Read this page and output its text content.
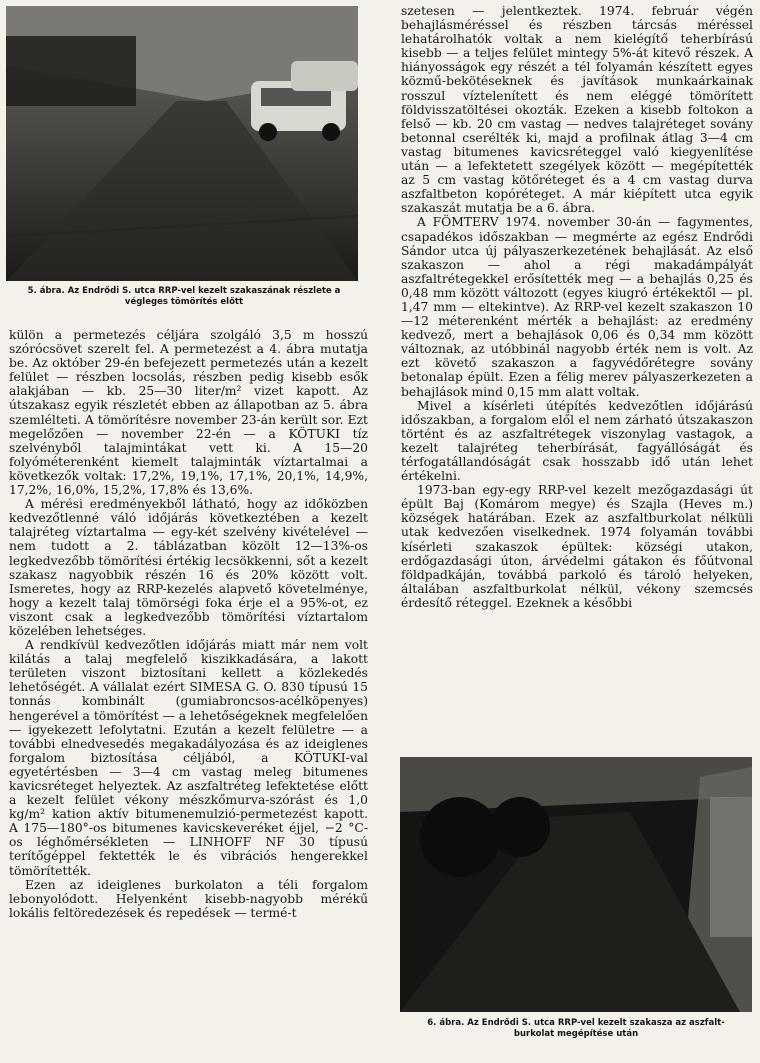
5. ábra. Az Endrődi S. utca RRP-vel kezelt szakaszának részlete a végleges tömörítés előtt

külön a permetezés céljára szolgáló 3,5 m hosszú szórócsövet szerelt fel. A permetezést a 4. ábra mutatja be. Az október 29-én befejezett permetezés után a kezelt felület — részben locsolás, részben pedig kisebb esők alakjában — kb. 25—30 liter/m² vizet kapott. Az útszakasz egyik részletét ebben az állapotban az 5. ábra szemlélteti. A tömörítésre november 23-án került sor. Ezt megelőzően — november 22-én — a KÖTUKI tíz szelvényből talajmintákat vett ki. A 15—20 folyóméterenként kiemelt talajminták víztartalmai a következők voltak: 17,2%, 19,1%, 17,1%, 20,1%, 14,9%, 17,2%, 16,0%, 15,2%, 17,8% és 13,6%.

A mérési eredményekből látható, hogy az időközben kedvezőtlenné váló időjárás következtében a kezelt talajréteg víztartalma — egy-két szelvény kivételével — nem tudott a 2. táblázatban közölt 12—13%-os legkedvezőbb tömörítési értékig lecsökkenni, sőt a kezelt szakasz nagyobbik részén 16 és 20% között volt. Ismeretes, hogy az RRP-kezelés alapvető követelménye, hogy a kezelt talaj tömörségi foka érje el a 95%-ot, ez viszont csak a legkedvezőbb tömörítési víztartalom közelében lehetséges.

A rendkívül kedvezőtlen időjárás miatt már nem volt kilátás a talaj megfelelő kiszikkadására, a lakott területen viszont biztosítani kellett a közlekedés lehetőségét. A vállalat ezért SIMESA G. O. 830 típusú 15 tonnás kombinált (gumiabroncsos-acélköpenyes) hengerével a tömörítést — a lehetőségeknek megfelelően — igyekezett lefolytatni. Ezután a kezelt felületre — a további elnedvesedés megakadályozása és az ideiglenes forgalom biztosítása céljából, a KÖTUKI-val egyetértésben — 3—4 cm vastag meleg bitumenes kavicsréteget helyeztek. Az aszfaltréteg lefektetése előtt a kezelt felület vékony mészkőmurva-szórást és 1,0 kg/m² kation aktív bitumenemulzió-permetezést kapott. A 175—180°-os bitumenes kavicskeveréket éjjel, −2 °C-os léghőmérsékleten — LINHOFF NF 30 típusú terítőgéppel fektették le és vibrációs hengerekkel tömörítették.

Ezen az ideiglenes burkolaton a téli forgalom lebonyolódott. Helyenként kisebb-nagyobb mérékű lokális feltöredezések és repedések — termé-t

szetesen — jelentkeztek. 1974. február végén behajlásméréssel és részben tárcsás méréssel lehatárolhatók voltak a nem kielégítő teherbírású kisebb — a teljes felület mintegy 5%-át kitevő részek. A hiányosságok egy részét a tél folyamán készített egyes közmű-bekötéseknek és javítások munkaárkainak rosszul víztelenített és nem eléggé tömörített földvisszatöltései okozták. Ezeken a kisebb foltokon a felső — kb. 20 cm vastag — nedves talajréteget sovány betonnal cserélték ki, majd a profilnak átlag 3—4 cm vastag bitumenes kavicsréteggel való kiegyenlítése után — a lefektetett szegélyek között — megépítették az 5 cm vastag kötőréteget és a 4 cm vastag durva aszfaltbeton kopóréteget. A már kiépített utca egyik szakaszát mutatja be a 6. ábra.

A FÖMTERV 1974. november 30-án — fagymentes, csapadékos időszakban — megmérte az egész Endrődi Sándor utca új pályaszerkezetének behajlását. Az első szakaszon — ahol a régi makadámpályát aszfaltrétegekkel erősítették meg — a behajlás 0,25 és 0,48 mm között változott (egyes kiugró értékektől — pl. 1,47 mm — eltekintve). Az RRP-vel kezelt szakaszon 10—12 méterenként mérték a behajlást: az eredmény kedvező, mert a behajlások 0,06 és 0,34 mm között változnak, az utóbbinál nagyobb érték nem is volt. Az ezt követő szakaszon a fagyvédőrétegre sovány betonalap épült. Ezen a félig merev pályaszerkezeten a behajlások mind 0,15 mm alatt voltak.

Mivel a kísérleti útépítés kedvezőtlen időjárású időszakban, a forgalom elől el nem zárható útszakaszon történt és az aszfaltrétegek viszonylag vastagok, a kezelt talajréteg teherbírását, fagyállóságát és térfogatállandóságát csak hosszabb idő után lehet értékelni.

1973-ban egy-egy RRP-vel kezelt mezőgazdasági út épült Baj (Komárom megye) és Szajla (Heves m.) községek határában. Ezek az aszfaltburkolat nélküli utak kedvezően viselkednek. 1974 folyamán további kísérleti szakaszok épültek: községi utakon, erdőgazdasági úton, árvédelmi gátakon és főútvonal földpadkáján, továbbá parkoló és tároló helyeken, általában aszfaltburkolat nélkül, vékony szemcsés érdesítő réteggel. Ezeknek a későbbi

6. ábra. Az Endrődi S. utca RRP-vel kezelt szakasza az aszfalt-burkolat megépítése után
